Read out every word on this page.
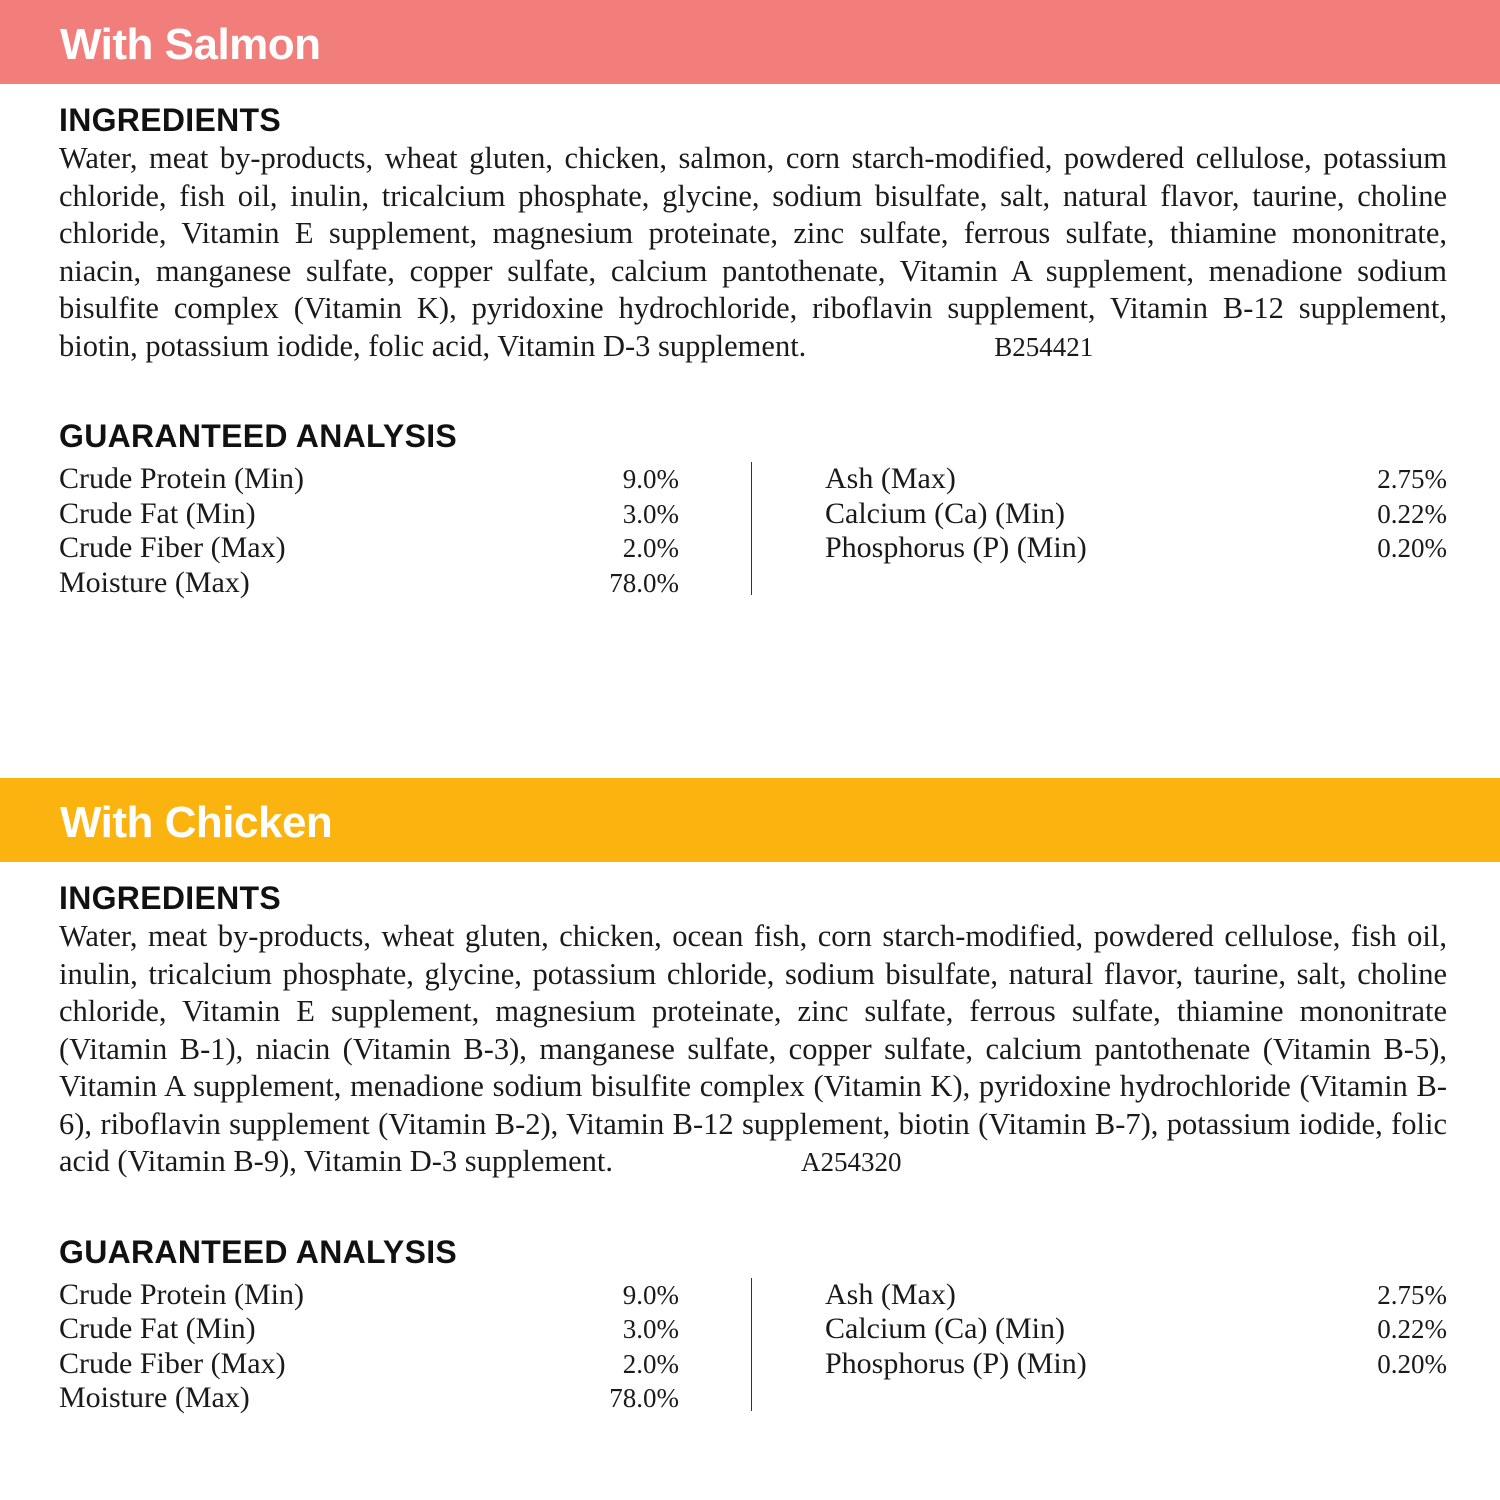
With Salmon
INGREDIENTS

Water, meat by-products, wheat gluten, chicken, salmon, corn starch-modified, powdered cellulose, potassium chloride, fish oil, inulin, tricalcium phosphate, glycine, sodium bisulfate, salt, natural flavor, taurine, choline chloride, Vitamin E supplement, magnesium proteinate, zinc sulfate, ferrous sulfate, thiamine mononitrate, niacin, manganese sulfate, copper sulfate, calcium pantothenate, Vitamin A supplement, menadione sodium bisulfite complex (Vitamin K), pyridoxine hydrochloride, riboflavin supplement, Vitamin B-12 supplement, biotin, potassium iodide, folic acid, Vitamin D-3 supplement.	B254421

GUARANTEED ANALYSIS
Crude Protein (Min)	9.0%
Crude Fat (Min)	3.0%
Crude Fiber (Max)	2.0%
Moisture (Max)	78.0%
Ash (Max)	2.75%
Calcium (Ca) (Min)	0.22%
Phosphorus (P) (Min)	0.20%
With Chicken
INGREDIENTS

Water, meat by-products, wheat gluten, chicken, ocean fish, corn starch-modified, powdered cellulose, fish oil, inulin, tricalcium phosphate, glycine, potassium chloride, sodium bisulfate, natural flavor, taurine, salt, choline chloride, Vitamin E supplement, magnesium proteinate, zinc sulfate, ferrous sulfate, thiamine mononitrate (Vitamin B-1), niacin (Vitamin B-3), manganese sulfate, copper sulfate, calcium pantothenate (Vitamin B-5), Vitamin A supplement, menadione sodium bisulfite complex (Vitamin K), pyridoxine hydrochloride (Vitamin B-6), riboflavin supplement (Vitamin B-2), Vitamin B-12 supplement, biotin (Vitamin B-7), potassium iodide, folic acid (Vitamin B-9), Vitamin D-3 supplement.	A254320

GUARANTEED ANALYSIS
Crude Protein (Min)	9.0%
Crude Fat (Min)	3.0%
Crude Fiber (Max)	2.0%
Moisture (Max)	78.0%
Ash (Max)	2.75%
Calcium (Ca) (Min)	0.22%
Phosphorus (P) (Min)	0.20%
